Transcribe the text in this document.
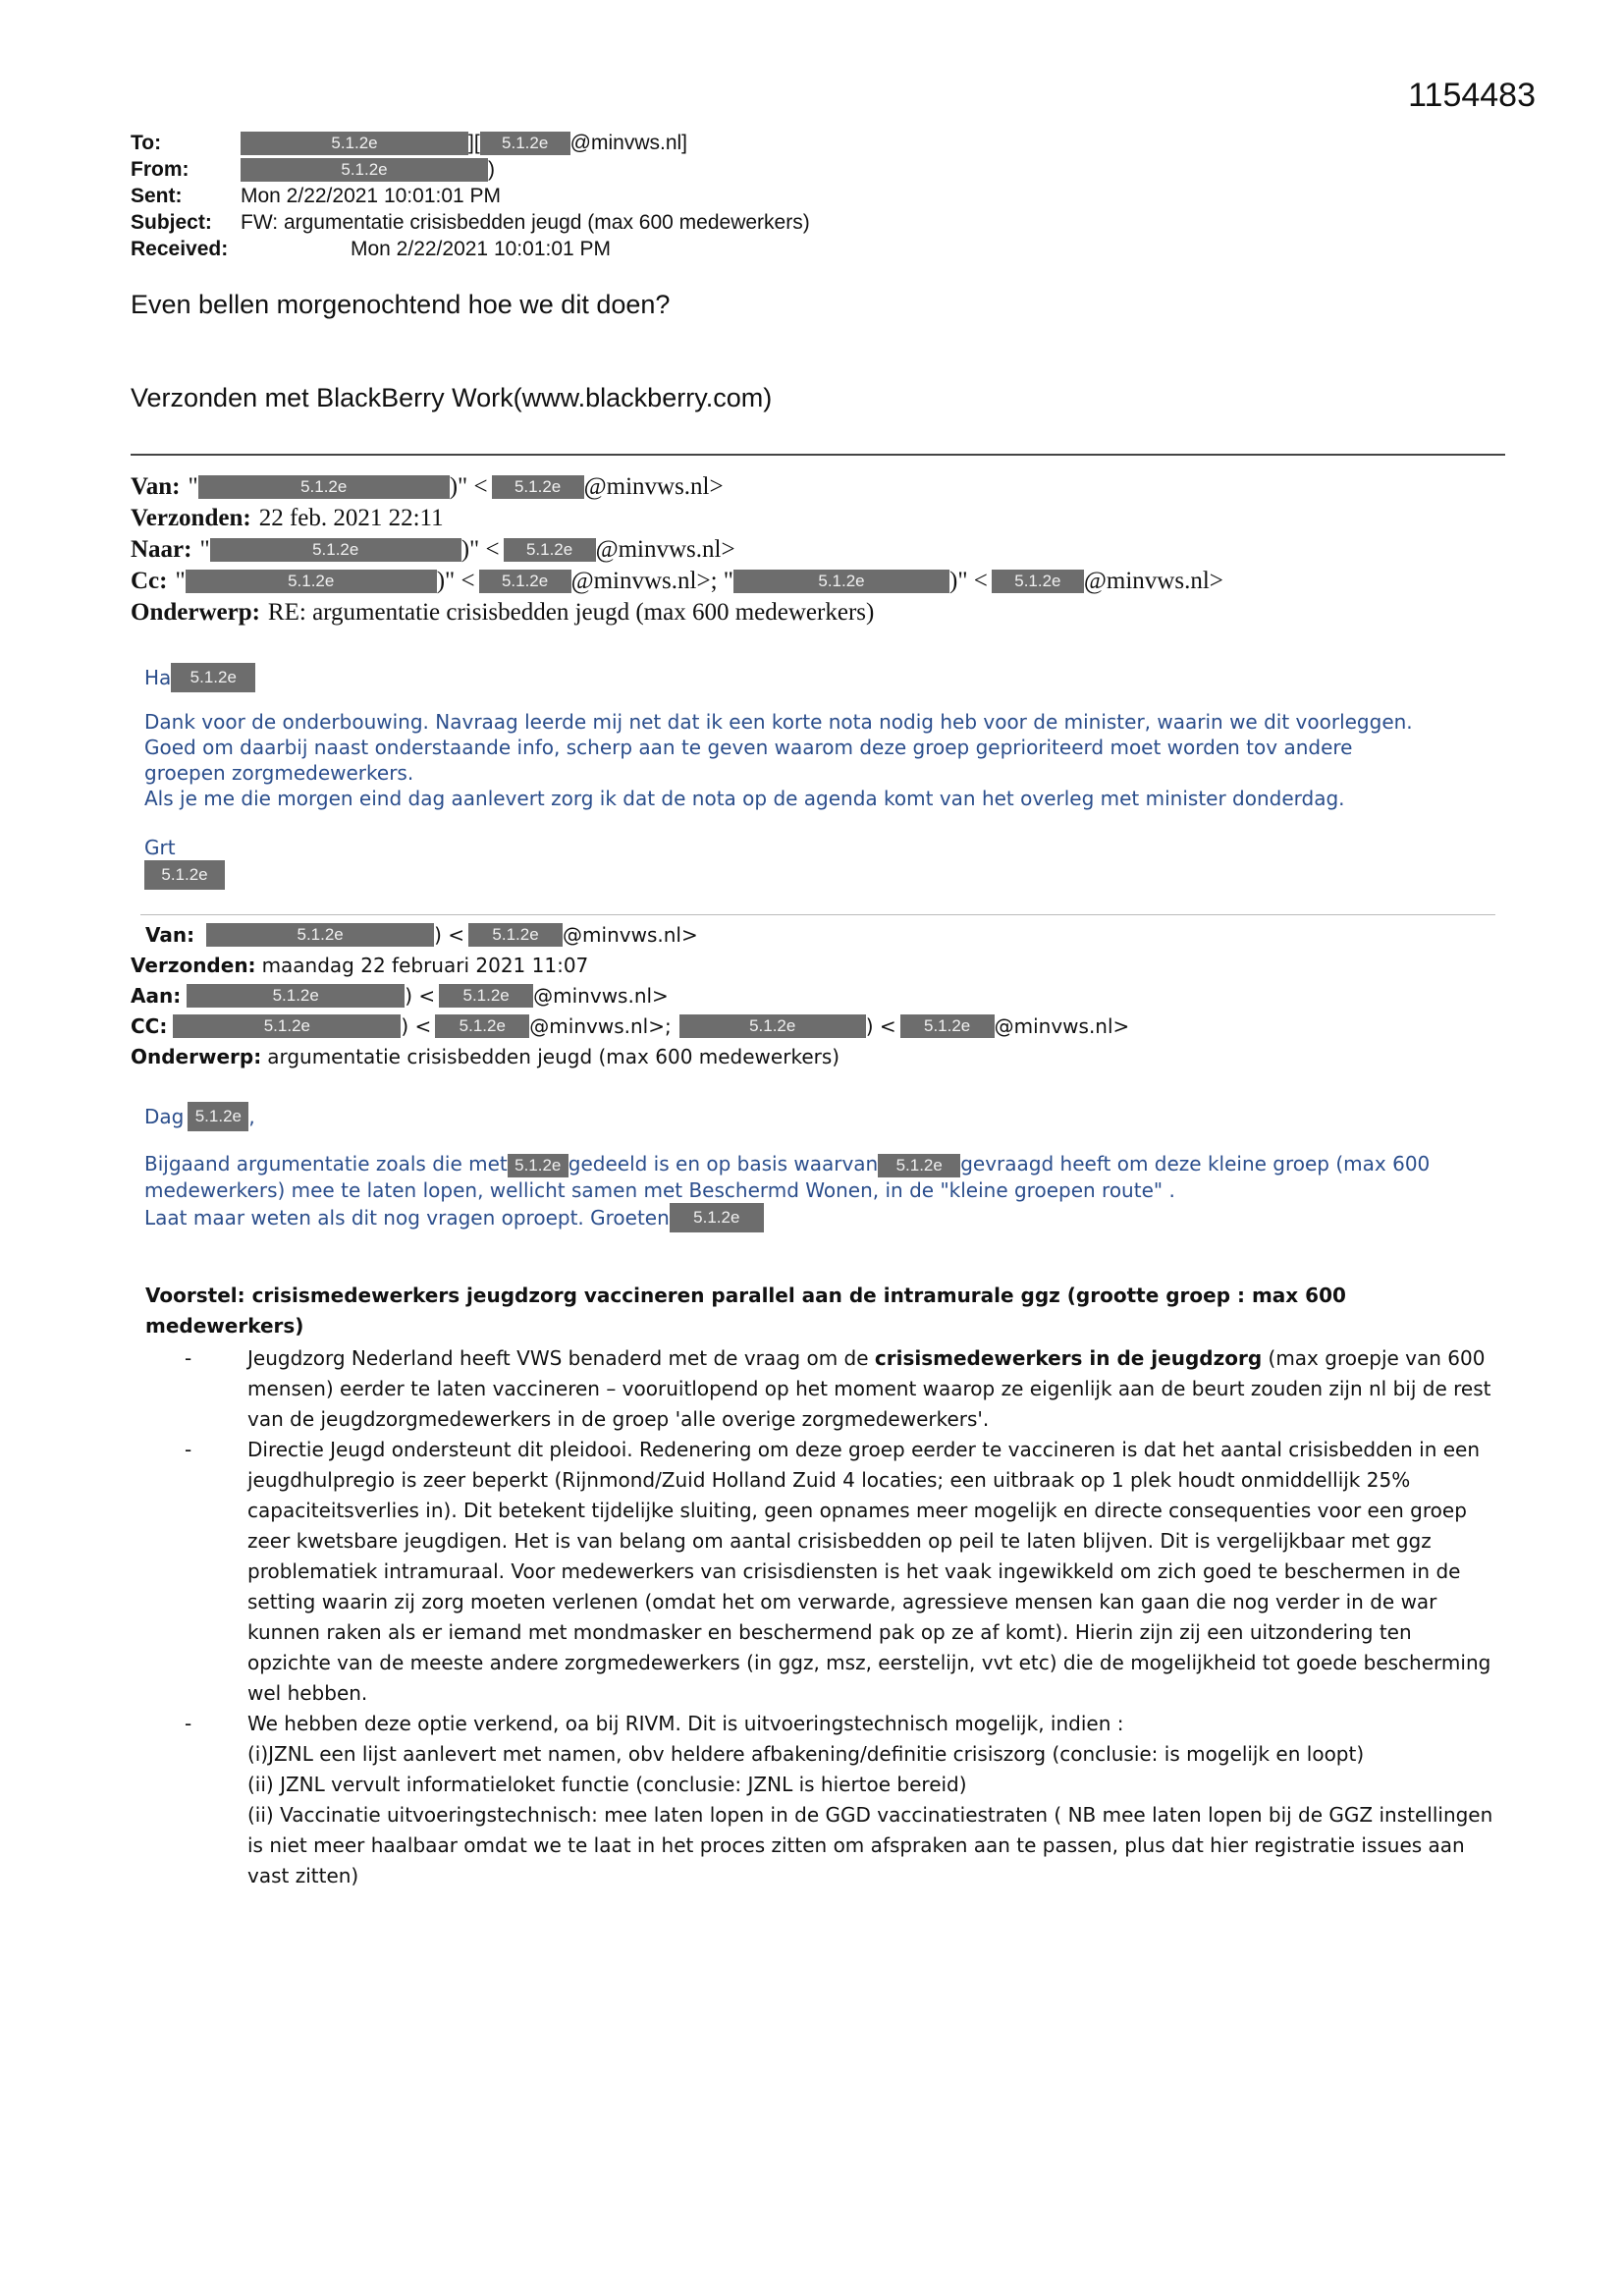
1154483
To:	5.1.2e	][	5.1.2e	@minvws.nl]
From:	5.1.2e	)
Sent:	Mon 2/22/2021 10:01:01 PM
Subject:	FW: argumentatie crisisbedden jeugd (max 600 medewerkers)
Received:	Mon 2/22/2021 10:01:01 PM
Even bellen morgenochtend hoe we dit doen?
Verzonden met BlackBerry Work(www.blackberry.com)
Van: "	5.1.2e	)" <	5.1.2e @minvws.nl>
Verzonden: 22 feb. 2021 22:11
Naar: "	5.1.2e	)" <	5.1.2e @minvws.nl>
Cc: "	5.1.2e	)" <	5.1.2e @minvws.nl>; "	5.1.2e	)" <	5.1.2e @minvws.nl>
Onderwerp: RE: argumentatie crisisbedden jeugd (max 600 medewerkers)

Ha	5.1.2e

Dank voor de onderbouwing. Navraag leerde mij net dat ik een korte nota nodig heb voor de minister, waarin we dit voorleggen.

Goed om daarbij naast onderstaande info, scherp aan te geven waarom deze groep geprioriteerd moet worden tov andere

groepen zorgmedewerkers.

Als je me die morgen eind dag aanlevert zorg ik dat de nota op de agenda komt van het overleg met minister donderdag.

Grt

5.1.2e

Van:	5.1.2e	) <	5.1.2e	@minvws.nl>
Verzonden: maandag 22 februari 2021 11:07
Aan:	5.1.2e	) <	5.1.2e	@minvws.nl>
CC:	5.1.2e	) <	5.1.2e	@minvws.nl>;	5.1.2e	) <	5.1.2e	@minvws.nl>
Onderwerp: argumentatie crisisbedden jeugd (max 600 medewerkers)

Dag 5.1.2e ,

Bijgaand argumentatie zoals die met 5.1.2e gedeeld is en op basis waarvan 5.1.2e gevraagd heeft om deze kleine groep (max 600

medewerkers) mee te laten lopen, wellicht samen met Beschermd Wonen, in de "kleine groepen route" .

Laat maar weten als dit nog vragen oproept. Groeten	5.1.2e

Voorstel: crisismedewerkers jeugdzorg vaccineren parallel aan de intramurale ggz (grootte groep : max 600 medewerkers)
-	Jeugdzorg Nederland heeft VWS benaderd met de vraag om de crisismedewerkers in de jeugdzorg (max groepje van 600 mensen) eerder te laten vaccineren – vooruitlopend op het moment waarop ze eigenlijk aan de beurt zouden zijn nl bij de rest van de jeugdzorgmedewerkers in de groep 'alle overige zorgmedewerkers'.
-	Directie Jeugd ondersteunt dit pleidooi. Redenering om deze groep eerder te vaccineren is dat het aantal crisisbedden in een jeugdhulpregio is zeer beperkt (Rijnmond/Zuid Holland Zuid 4 locaties; een uitbraak op 1 plek houdt onmiddellijk 25% capaciteitsverlies in). Dit betekent tijdelijke sluiting, geen opnames meer mogelijk en directe consequenties voor een groep zeer kwetsbare jeugdigen. Het is van belang om aantal crisisbedden op peil te laten blijven. Dit is vergelijkbaar met ggz problematiek intramuraal. Voor medewerkers van crisisdiensten is het vaak ingewikkeld om zich goed te beschermen in de setting waarin zij zorg moeten verlenen (omdat het om verwarde, agressieve mensen kan gaan die nog verder in de war kunnen raken als er iemand met mondmasker en beschermend pak op ze af komt). Hierin zijn zij een uitzondering ten opzichte van de meeste andere zorgmedewerkers (in ggz, msz, eerstelijn, vvt etc) die de mogelijkheid tot goede bescherming wel hebben.
-	We hebben deze optie verkend, oa bij RIVM. Dit is uitvoeringstechnisch mogelijk, indien :

(i)JZNL een lijst aanlevert met namen, obv heldere afbakening/definitie crisiszorg (conclusie: is mogelijk en loopt)

(ii) JZNL vervult informatieloket functie (conclusie: JZNL is hiertoe bereid)

(ii) Vaccinatie uitvoeringstechnisch: mee laten lopen in de GGD vaccinatiestraten ( NB mee laten lopen bij de GGZ instellingen is niet meer haalbaar omdat we te laat in het proces zitten om afspraken aan te passen, plus dat hier registratie issues aan vast zitten)
